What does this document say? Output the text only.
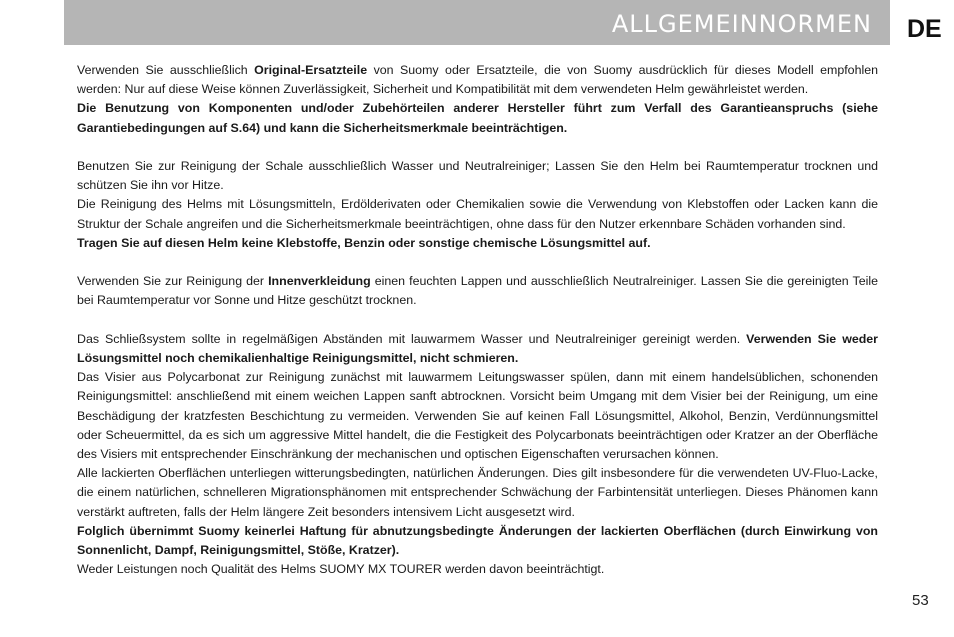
ALLGEMEINNORMEN DE

Verwenden Sie ausschließlich Original-Ersatzteile von Suomy oder Ersatzteile, die von Suomy ausdrücklich für dieses Modell empfohlen werden: Nur auf diese Weise können Zuverlässigkeit, Sicherheit und Kompatibilität mit dem verwendeten Helm gewährleistet werden.

Die Benutzung von Komponenten und/oder Zubehörteilen anderer Hersteller führt zum Verfall des Garantieanspruchs (siehe Garantiebedingungen auf S.64) und kann die Sicherheitsmerkmale beeinträchtigen.

Benutzen Sie zur Reinigung der Schale ausschließlich Wasser und Neutralreiniger; Lassen Sie den Helm bei Raumtemperatur trocknen und schützen Sie ihn vor Hitze.

Die Reinigung des Helms mit Lösungsmitteln, Erdölderivaten oder Chemikalien sowie die Verwendung von Klebstoffen oder Lacken kann die Struktur der Schale angreifen und die Sicherheitsmerkmale beeinträchtigen, ohne dass für den Nutzer erkennbare Schäden vorhanden sind.

Tragen Sie auf diesen Helm keine Klebstoffe, Benzin oder sonstige chemische Lösungsmittel auf.

Verwenden Sie zur Reinigung der Innenverkleidung einen feuchten Lappen und ausschließlich Neutralreiniger. Lassen Sie die gereinigten Teile bei Raumtemperatur vor Sonne und Hitze geschützt trocknen.

Das Schließsystem sollte in regelmäßigen Abständen mit lauwarmem Wasser und Neutralreiniger gereinigt werden. Verwenden Sie weder Lösungsmittel noch chemikalienhaltige Reinigungsmittel, nicht schmieren.

Das Visier aus Polycarbonat zur Reinigung zunächst mit lauwarmem Leitungswasser spülen, dann mit einem handelsüblichen, schonenden Reinigungsmittel: anschließend mit einem weichen Lappen sanft abtrocknen. Vorsicht beim Umgang mit dem Visier bei der Reinigung, um eine Beschädigung der kratzfesten Beschichtung zu vermeiden. Verwenden Sie auf keinen Fall Lösungsmittel, Alkohol, Benzin, Verdünnungsmittel oder Scheuermittel, da es sich um aggressive Mittel handelt, die die Festigkeit des Polycarbonats beeinträchtigen oder Kratzer an der Oberfläche des Visiers mit entsprechender Einschränkung der mechanischen und optischen Eigenschaften verursachen können.

Alle lackierten Oberflächen unterliegen witterungsbedingten, natürlichen Änderungen. Dies gilt insbesondere für die verwendeten UV-Fluo-Lacke, die einem natürlichen, schnelleren Migrationsphänomen mit entsprechender Schwächung der Farbintensität unterliegen. Dieses Phänomen kann verstärkt auftreten, falls der Helm längere Zeit besonders intensivem Licht ausgesetzt wird.

Folglich übernimmt Suomy keinerlei Haftung für abnutzungsbedingte Änderungen der lackierten Oberflächen (durch Einwirkung von Sonnenlicht, Dampf, Reinigungsmittel, Stöße, Kratzer).

Weder Leistungen noch Qualität des Helms SUOMY MX TOURER werden davon beeinträchtigt.

53
